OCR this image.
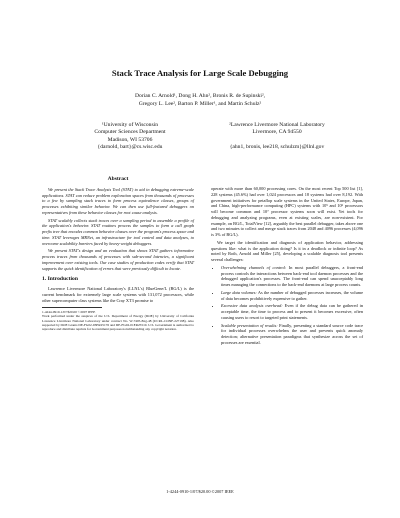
Stack Trace Analysis for Large Scale Debugging
Dorian C. Arnold¹, Dong H. Ahn², Bronis R. de Supinski²,
Gregory L. Lee², Barton P. Miller¹, and Martin Schulz²
¹University of Wisconsin
Computer Sciences Department
Madison, WI 53706
{darnold, bart}@cs.wisc.edu
²Lawrence Livermore National Laboratory
Livermore, CA 94550
{ahn1, bronis, lee218, schulzm}@llnl.gov
Abstract

We present the Stack Trace Analysis Tool (STAT) to aid in debugging extreme-scale applications. STAT can reduce problem exploration spaces from thousands of processes to a few by sampling stack traces to form process equivalence classes, groups of processes exhibiting similar behavior. We can then use full-featured debuggers on representatives from these behavior classes for root cause analysis.

STAT scalably collects stack traces over a sampling period to assemble a profile of the application's behavior. STAT routines process the samples to form a call graph prefix tree that encodes common behavior classes over the program's process space and time. STAT leverages MRNet, an infrastructure for tool control and data analyses, to overcome scalability barriers faced by heavy-weight debuggers.

We present STAT's design and an evaluation that shows STAT gathers informative process traces from thousands of processes with sub-second latencies, a significant improvement over existing tools. Our case studies of production codes verify that STAT supports the quick identification of errors that were previously difficult to locate.

1. Introduction

Lawrence Livermore National Laboratory's (LLNL's) BlueGene/L (BG/L) is the current benchmark for extremely large scale systems with 131,072 processors, while other supercomputer class systems like the Cray XT3 promise to

1-4244-0910-1/07/$20.00 ©2007 IEEE

Work performed under the auspices of the U.S. Department of Energy (DOE) by University of California Lawrence Livermore National Laboratory under contract No. W-7405-Eng-48 (UCRL-CONF-227198). Also supported by DOE Grants DE-FG02-93ER25176 and DE-FG02-01ER25510. U.S. Government is authorized to reproduce and distribute reprints for Government purposes notwithstanding any copyright notation.

operate with more than 60,000 processing cores. On the most recent Top 500 list [1], 228 systems (45.6%) had over 1,024 processors and 18 systems had over 8,192. With government initiatives for petaflop scale systems in the United States, Europe, Japan, and China, high-performance computing (HPC) systems with 10⁵ and 10⁶ processors will become common and 10⁷ processor systems soon will exist. Yet tools for debugging and analyzing programs, even at existing scales, are non-existent. For example, on BG/L, TotalView [12], arguably the best parallel debugger, takes above one and two minutes to collect and merge stack traces from 2048 and 4096 processes (4,096 is 3% of BG/L).

We target the identification and diagnosis of application behavior, addressing questions like: what is the application doing? Is it in a deadlock or infinite loop? As noted by Roth, Arnold and Miller [25], developing a scalable diagnosis tool presents several challenges:

• Overwhelming channels of control: In most parallel debuggers, a front-end process controls the interactions between back-end tool daemon processes and the debugged application's processes. The front-end can spend unacceptably long times managing the connections to the back-end daemons at large process counts.
• Large data volumes: As the number of debugged processes increases, the volume of data becomes prohibitively expensive to gather.
• Excessive data analysis overhead: Even if the debug data can be gathered in acceptable time, the time to process and to present it becomes excessive, often causing users to resort to targeted print statements.
• Scalable presentation of results: Finally, presenting a standard source code trace for individual processes overwhelms the user and prevents quick anomaly detection; alternative presentation paradigms that synthesize across the set of processes are essential.
1-4244-0910-1/07/$20.00 ©2007 IEEE
